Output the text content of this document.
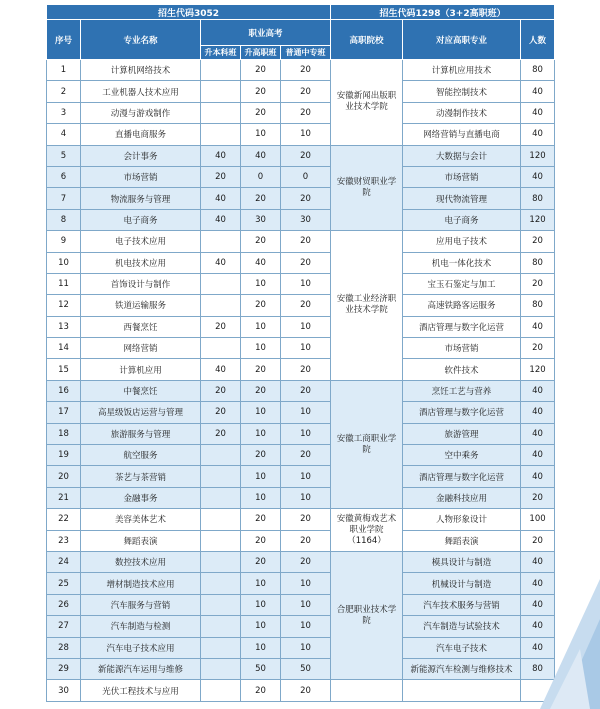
招生代码3052					招生代码1298（3+2高职班）		
序号	专业名称	职业高考			高职院校	对应高职专业	人数
		升本科班	升高职班	普通中专班			
1	计算机网络技术		20	20	安徽新闻出版职业技术学院	计算机应用技术	80
2	工业机器人技术应用		20	20		智能控制技术	40
3	动漫与游戏制作		20	20		动漫制作技术	40
4	直播电商服务		10	10		网络营销与直播电商	40
5	会计事务	40	40	20	安徽财贸职业学院	大数据与会计	120
6	市场营销	20	0	0		市场营销	40
7	物流服务与管理	40	20	20		现代物流管理	80
8	电子商务	40	30	30		电子商务	120
9	电子技术应用		20	20	安徽工业经济职业技术学院	应用电子技术	20
10	机电技术应用	40	40	20		机电一体化技术	80
11	首饰设计与制作		10	10		宝玉石鉴定与加工	20
12	铁道运输服务		20	20		高速铁路客运服务	80
13	西餐烹饪	20	10	10		酒店管理与数字化运营	40
14	网络营销		10	10		市场营销	20
15	计算机应用	40	20	20		软件技术	120
16	中餐烹饪	20	20	20	安徽工商职业学院	烹饪工艺与营养	40
17	高星级饭店运营与管理	20	10	10		酒店管理与数字化运营	40
18	旅游服务与管理	20	10	10		旅游管理	40
19	航空服务		20	20		空中乘务	40
20	茶艺与茶营销		10	10		酒店管理与数字化运营	40
21	金融事务		10	10		金融科技应用	20
22	美容美体艺术		20	20	安徽黄梅戏艺术职业学院（1164）	人物形象设计	100
23	舞蹈表演		20	20		舞蹈表演	20
24	数控技术应用		20	20	合肥职业技术学院	模具设计与制造	40
25	增材制造技术应用		10	10		机械设计与制造	40
26	汽车服务与营销		10	10		汽车技术服务与营销	40
27	汽车制造与检测		10	10		汽车制造与试验技术	40
28	汽车电子技术应用		10	10		汽车电子技术	40
29	新能源汽车运用与维修		50	50		新能源汽车检测与维修技术	80
30	光伏工程技术与应用		20	20			
